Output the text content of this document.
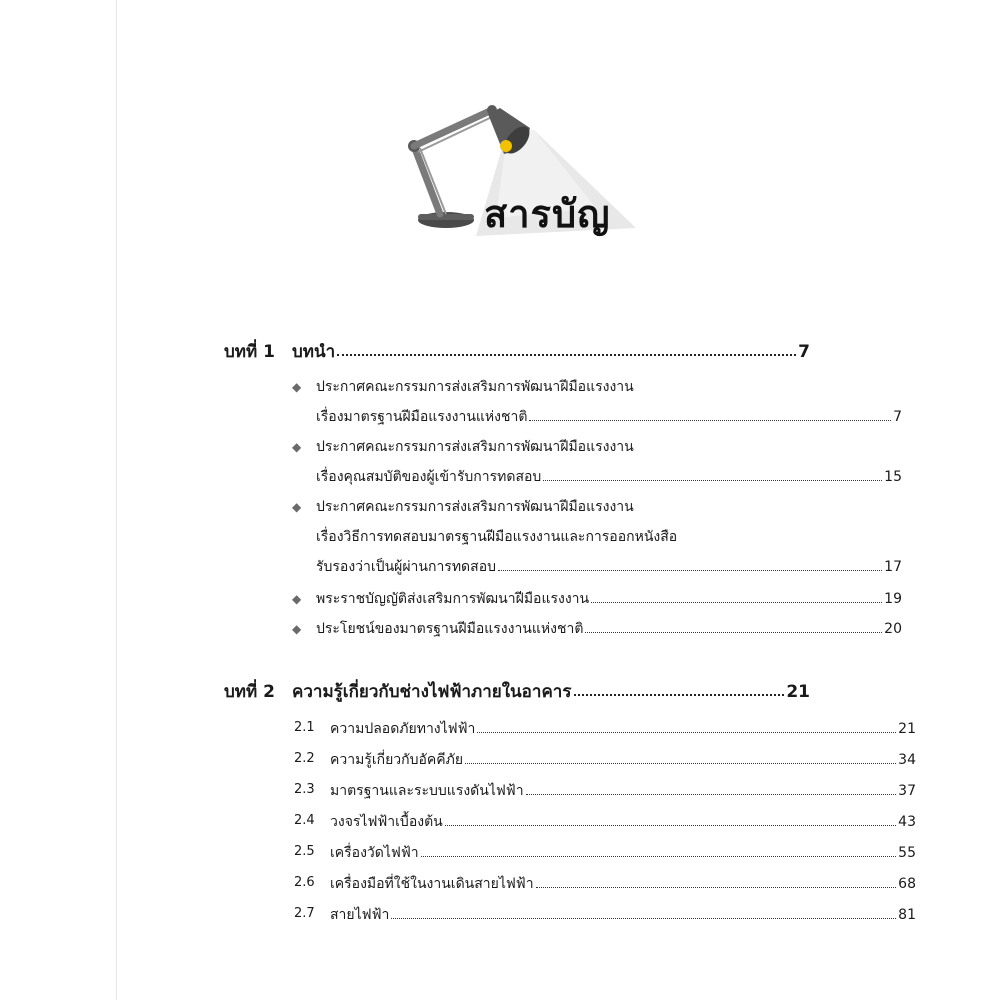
สารบัญ
บทที่ 1	บทนำ	7
◆	ประกาศคณะกรรมการส่งเสริมการพัฒนาฝีมือแรงงาน
เรื่องมาตรฐานฝีมือแรงงานแห่งชาติ	7
◆	ประกาศคณะกรรมการส่งเสริมการพัฒนาฝีมือแรงงาน
เรื่องคุณสมบัติของผู้เข้ารับการทดสอบ	15
◆	ประกาศคณะกรรมการส่งเสริมการพัฒนาฝีมือแรงงาน
เรื่องวิธีการทดสอบมาตรฐานฝีมือแรงงานและการออกหนังสือ
รับรองว่าเป็นผู้ผ่านการทดสอบ	17
◆	พระราชบัญญัติส่งเสริมการพัฒนาฝีมือแรงงาน	19
◆	ประโยชน์ของมาตรฐานฝีมือแรงงานแห่งชาติ	20
บทที่ 2	ความรู้เกี่ยวกับช่างไฟฟ้าภายในอาคาร	21
2.1 ความปลอดภัยทางไฟฟ้า	21
2.2 ความรู้เกี่ยวกับอัคคีภัย	34
2.3 มาตรฐานและระบบแรงดันไฟฟ้า	37
2.4 วงจรไฟฟ้าเบื้องต้น	43
2.5 เครื่องวัดไฟฟ้า	55
2.6 เครื่องมือที่ใช้ในงานเดินสายไฟฟ้า	68
2.7 สายไฟฟ้า	81
